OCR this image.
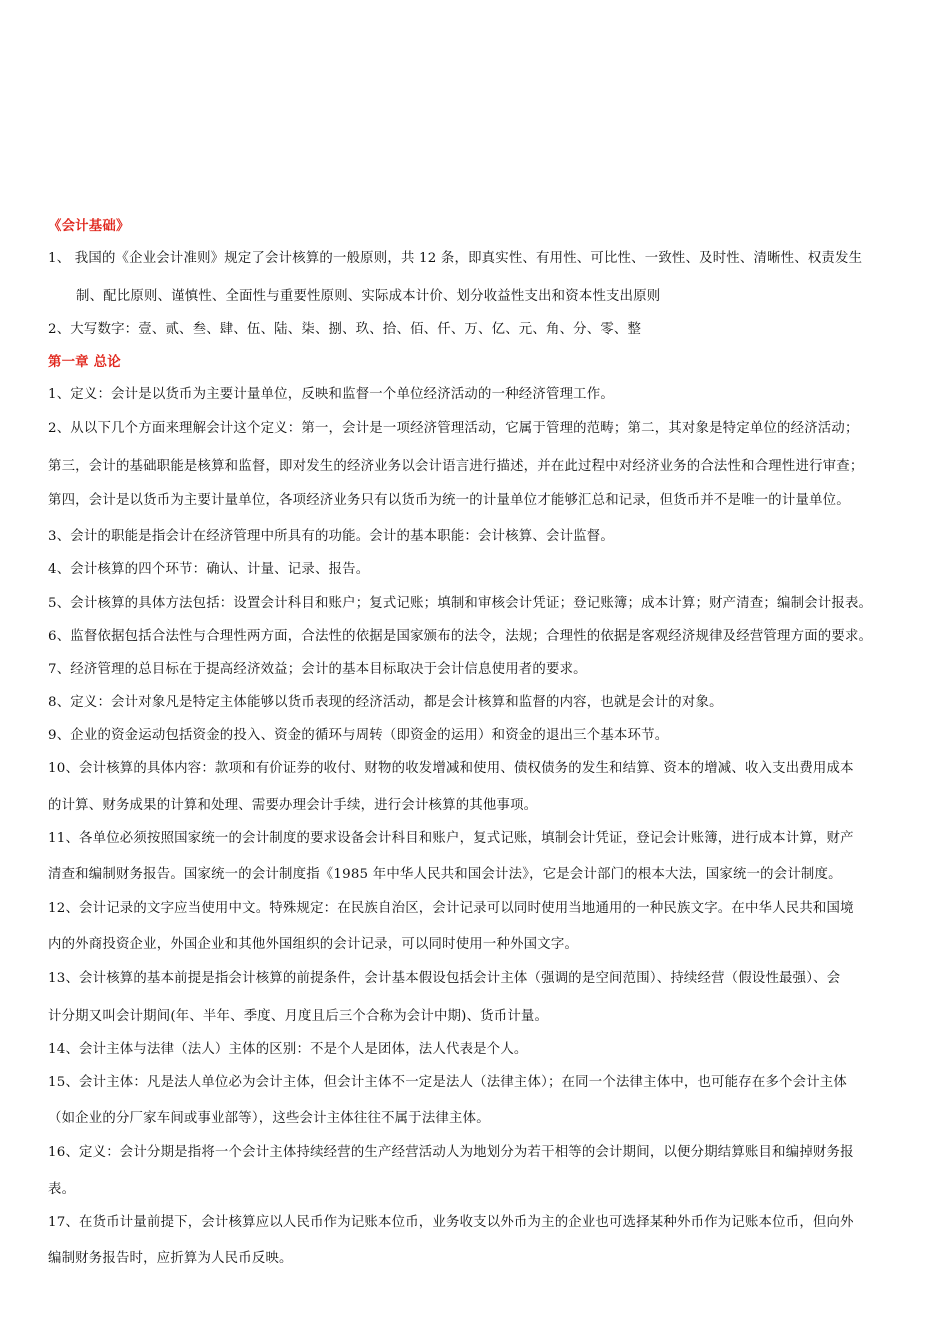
《会计基础》
1、 我国的《企业会计准则》规定了会计核算的一般原则，共 12 条，即真实性、有用性、可比性、一致性、及时性、清晰性、权责发生
制、配比原则、谨慎性、全面性与重要性原则、实际成本计价、划分收益性支出和资本性支出原则
2、大写数字：壹、贰、叁、肆、伍、陆、柒、捌、玖、拾、佰、仟、万、亿、元、角、分、零、整
第一章 总论
1、定义：会计是以货币为主要计量单位，反映和监督一个单位经济活动的一种经济管理工作。
2、从以下几个方面来理解会计这个定义：第一，会计是一项经济管理活动，它属于管理的范畴；第二，其对象是特定单位的经济活动；
第三，会计的基础职能是核算和监督，即对发生的经济业务以会计语言进行描述，并在此过程中对经济业务的合法性和合理性进行审查；
第四，会计是以货币为主要计量单位，各项经济业务只有以货币为统一的计量单位才能够汇总和记录，但货币并不是唯一的计量单位。
3、会计的职能是指会计在经济管理中所具有的功能。会计的基本职能：会计核算、会计监督。
4、会计核算的四个环节：确认、计量、记录、报告。
5、会计核算的具体方法包括：设置会计科目和账户；复式记账；填制和审核会计凭证；登记账簿；成本计算；财产清查；编制会计报表。
6、监督依据包括合法性与合理性两方面，合法性的依据是国家颁布的法令，法规；合理性的依据是客观经济规律及经营管理方面的要求。
7、经济管理的总目标在于提高经济效益；会计的基本目标取决于会计信息使用者的要求。
8、定义：会计对象凡是特定主体能够以货币表现的经济活动，都是会计核算和监督的内容，也就是会计的对象。
9、企业的资金运动包括资金的投入、资金的循环与周转（即资金的运用）和资金的退出三个基本环节。
10、会计核算的具体内容：款项和有价证券的收付、财物的收发增减和使用、债权债务的发生和结算、资本的增减、收入支出费用成本
的计算、财务成果的计算和处理、需要办理会计手续，进行会计核算的其他事项。
11、各单位必须按照国家统一的会计制度的要求设备会计科目和账户，复式记账，填制会计凭证，登记会计账簿，进行成本计算，财产
清查和编制财务报告。国家统一的会计制度指《1985 年中华人民共和国会计法》，它是会计部门的根本大法，国家统一的会计制度。
12、会计记录的文字应当使用中文。特殊规定：在民族自治区，会计记录可以同时使用当地通用的一种民族文字。在中华人民共和国境
内的外商投资企业，外国企业和其他外国组织的会计记录，可以同时使用一种外国文字。
13、会计核算的基本前提是指会计核算的前提条件，会计基本假设包括会计主体（强调的是空间范围）、持续经营（假设性最强）、会
计分期又叫会计期间(年、半年、季度、月度且后三个合称为会计中期)、货币计量。
14、会计主体与法律（法人）主体的区别：不是个人是团体，法人代表是个人。
15、会计主体：凡是法人单位必为会计主体，但会计主体不一定是法人（法律主体）；在同一个法律主体中，也可能存在多个会计主体
（如企业的分厂家车间或事业部等），这些会计主体往往不属于法律主体。
16、定义：会计分期是指将一个会计主体持续经营的生产经营活动人为地划分为若干相等的会计期间，以便分期结算账目和编掉财务报
表。
17、在货币计量前提下，会计核算应以人民币作为记账本位币，业务收支以外币为主的企业也可选择某种外币作为记账本位币，但向外
编制财务报告时，应折算为人民币反映。
